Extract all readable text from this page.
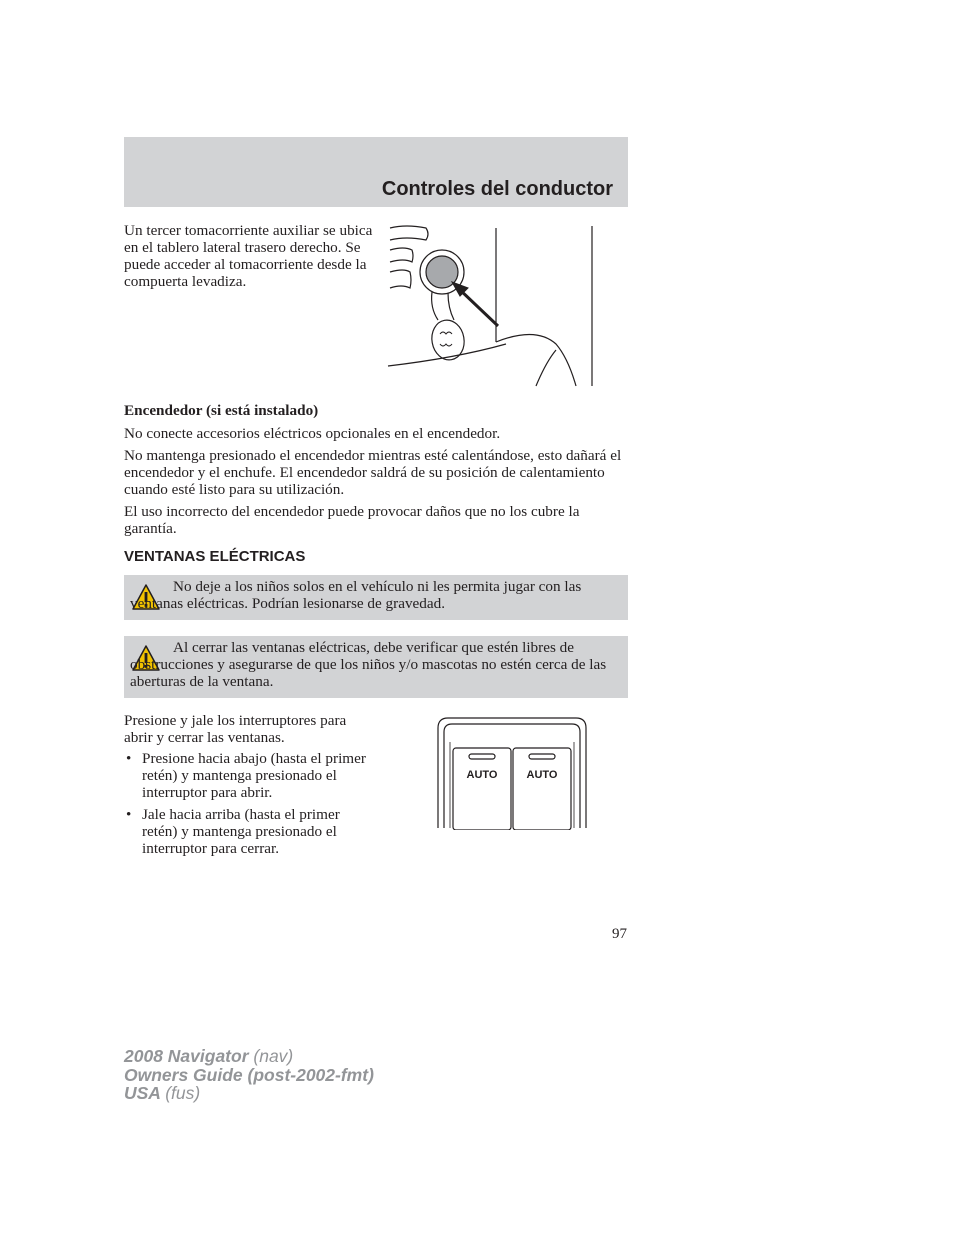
Controles del conductor

Un tercer tomacorriente auxiliar se ubica en el tablero lateral trasero derecho. Se puede acceder al tomacorriente desde la compuerta levadiza.

Encendedor (si está instalado)

No conecte accesorios eléctricos opcionales en el encendedor.

No mantenga presionado el encendedor mientras esté calentándose, esto dañará el encendedor y el enchufe. El encendedor saldrá de su posición de calentamiento cuando esté listo para su utilización.

El uso incorrecto del encendedor puede provocar daños que no los cubre la garantía.

VENTANAS ELÉCTRICAS

No deje a los niños solos en el vehículo ni les permita jugar con las ventanas eléctricas. Podrían lesionarse de gravedad.

Al cerrar las ventanas eléctricas, debe verificar que estén libres de obstrucciones y asegurarse de que los niños y/o mascotas no estén cerca de las aberturas de la ventana.

Presione y jale los interruptores para abrir y cerrar las ventanas.

• Presione hacia abajo (hasta el primer retén) y mantenga presionado el interruptor para abrir.
• Jale hacia arriba (hasta el primer retén) y mantenga presionado el interruptor para cerrar.
AUTO	AUTO
97
2008 Navigator (nav)
Owners Guide (post-2002-fmt)
USA (fus)
